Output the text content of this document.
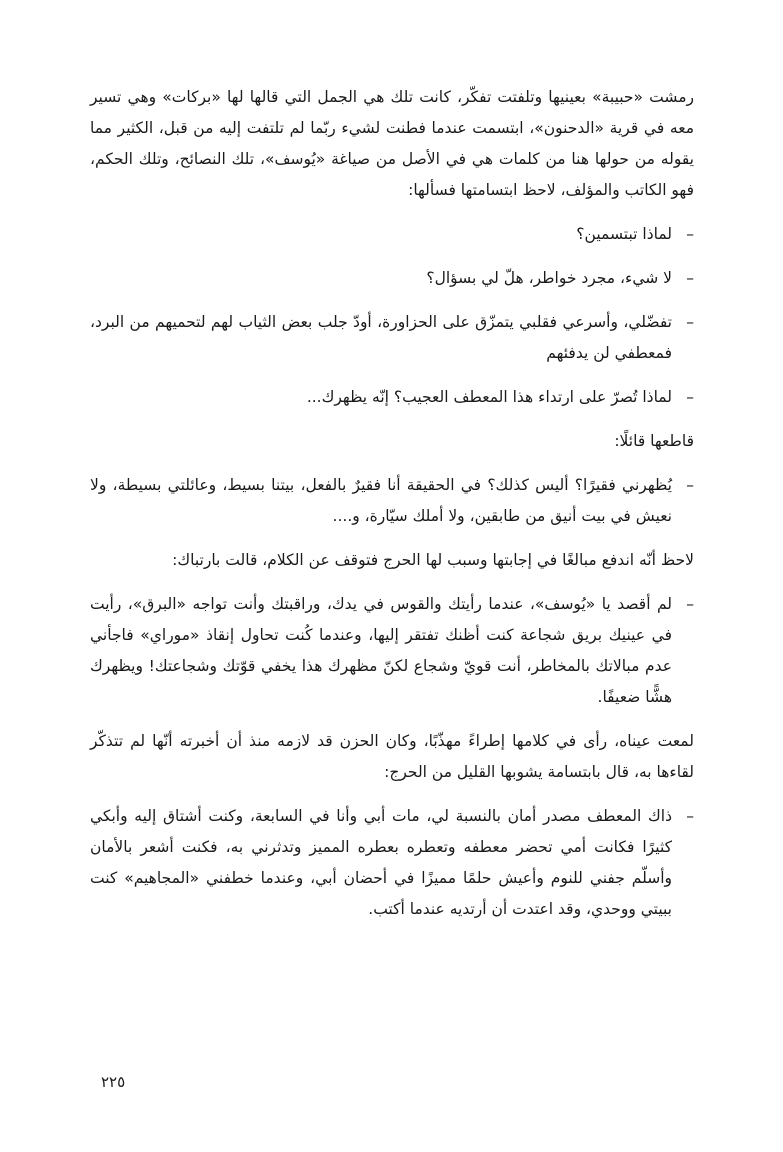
رمشت «حبيبة» بعينيها وتلفتت تفكّر، كانت تلك هي الجمل التي قالها لها «بركات» وهي تسير معه في قرية «الدحنون»، ابتسمت عندما فطنت لشيء ربّما لم تلتفت إليه من قبل، الكثير مما يقوله من حولها هنا من كلمات هي في الأصل من صياغة «يُوسف»، تلك النصائح، وتلك الحكم، فهو الكاتب والمؤلف، لاحظ ابتسامتها فسألها:
–
لماذا تبتسمين؟
–
لا شيء، مجرد خواطر، هلّ لي بسؤال؟
–
تفضّلي، وأسرعي فقلبي يتمزّق على الحزاورة، أودّ جلب بعض الثياب لهم لتحميهم من البرد، فمعطفي لن يدفئهم
–
لماذا تُصرّ على ارتداء هذا المعطف العجيب؟ إنّه يظهرك...
قاطعها قائلًا:
–
يُظهرني فقيرًا؟ أليس كذلك؟ في الحقيقة أنا فقيرٌ بالفعل، بيتنا بسيط، وعائلتي بسيطة، ولا نعيش في بيت أنيق من طابقين، ولا أملك سيّارة، و....
لاحظ أنّه اندفع مبالغًا في إجابتها وسبب لها الحرج فتوقف عن الكلام، قالت بارتباك:
–
لم أقصد يا «يُوسف»، عندما رأيتك والقوس في يدك، وراقبتك وأنت تواجه «البرق»، رأيت في عينيك بريق شجاعة كنت أظنك تفتقر إليها، وعندما كُنت تحاول إنقاذ «موراي» فاجأني عدم مبالاتك بالمخاطر، أنت قويّ وشجاع لكنّ مظهرك هذا يخفي قوّتك وشجاعتك! ويظهرك هشًّا ضعيفًا.
لمعت عيناه، رأى في كلامها إطراءً مهذّبًا، وكان الحزن قد لازمه منذ أن أخبرته أنّها لم تتذكّر لقاءها به، قال بابتسامة يشوبها القليل من الحرج:
–
ذاك المعطف مصدر أمان بالنسبة لي، مات أبي وأنا في السابعة، وكنت أشتاق إليه وأبكي كثيرًا فكانت أمي تحضر معطفه وتعطره بعطره المميز وتدثرني به، فكنت أشعر بالأمان وأسلّم جفني للنوم وأعيش حلمًا مميزًا في أحضان أبي، وعندما خطفني «المجاهيم» كنت ببيتي ووحدي، وقد اعتدت أن أرتديه عندما أكتب.
٢٢٥
